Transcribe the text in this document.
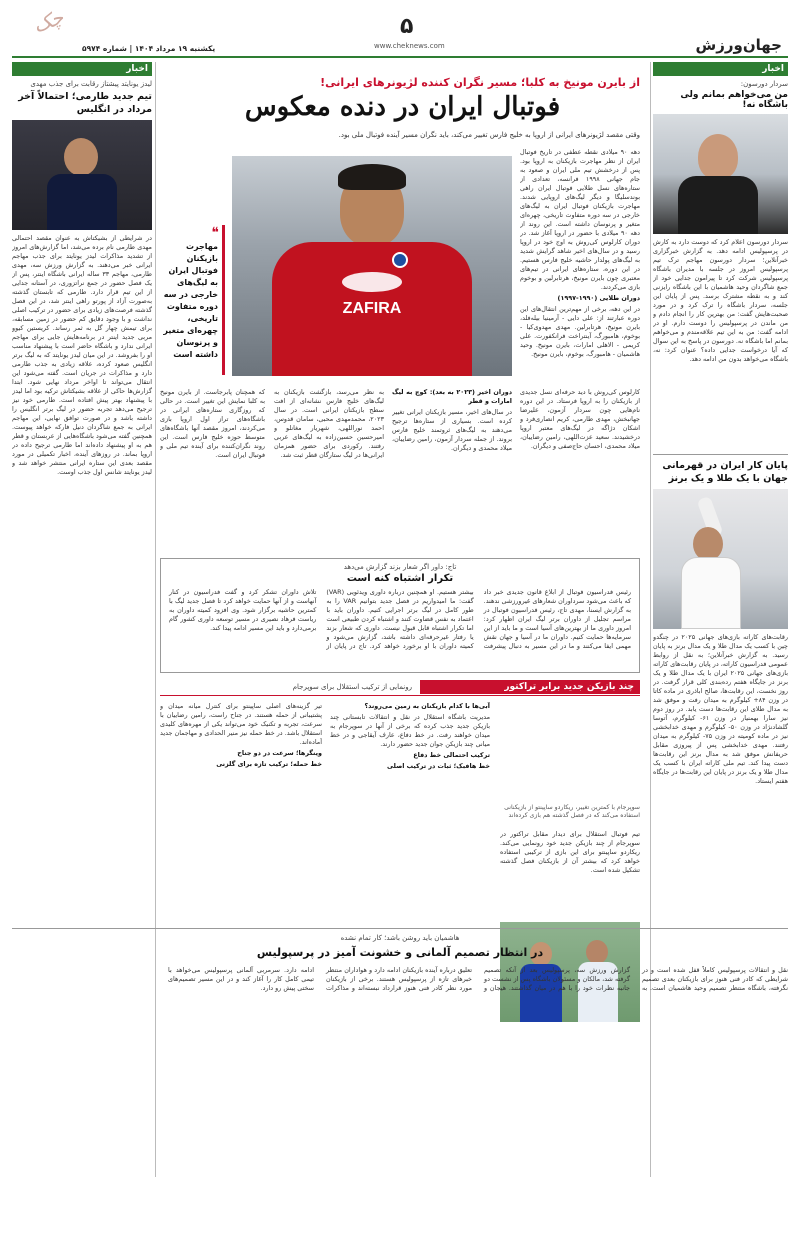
جهان‌ورزش
۵
www.cheknews.com
یکشنبه ۱۹ مرداد ۱۴۰۴ | شماره ۵۹۷۴
چک
اخبار
سردار دورسون:
من می‌خواهم بمانم ولی باشگاه نه!
سردار دورسون اعلام کرد که دوست دارد به کارش در پرسپولیس ادامه دهد. به گزارش خبرگزاری خبرآنلاین؛ سردار دورسون مهاجم ترک تیم پرسپولیس امروز در جلسه با مدیران باشگاه پرسپولیس شرکت کرد تا پیرامون جدایی خود از جمع شاگردان وحید هاشمیان با این باشگاه رایزنی کند و به نقطه مشترک برسد. پس از پایان این جلسه، سردار باشگاه را ترک کرد و در مورد صحبت‌هایش گفت: من بهترین کار را انجام دادم و من ماندن در پرسپولیس را دوست دارم. او در ادامه گفت: من به این تیم علاقه‌مندم و می‌خواهم بمانم اما باشگاه نه. دورسون در پاسخ به این سوال که آیا درخواست جدایی داده؟ عنوان کرد: نه، باشگاه می‌خواهد بدون من ادامه دهد.
پایان کار ایران در قهرمانی جهان با یک طلا و یک برنز
رقابت‌های کاراته بازی‌های جهانی ۲۰۲۵ در چنگدو چین با کسب یک مدال طلا و یک مدال برنز به پایان رسید. به گزارش خبرآنلاین؛ به نقل از روابط عمومی فدراسیون کاراته، در پایان رقابت‌های کاراته بازی‌های جهانی ۲۰۲۵ ایران با یک مدال طلا و یک برنز در جایگاه هفتم رده‌بندی کلی قرار گرفت. در روز نخست، این رقابت‌ها، صالح اباذری در ماده کاتا در وزن ۸۴+ کیلوگرم به میدان رفت و موفق شد به مدال طلای این رقابت‌ها دست یابد. در روز دوم نیز سارا بهمنیار در وزن ۶۱- کیلوگرم، آتوسا گلشادنژاد در وزن ۵۰- کیلوگرم و مهدی خدابخشی نیز در ماده کومیته در وزن ۷۵- کیلوگرم به میدان رفتند. مهدی خدابخشی پس از پیروزی مقابل حریفانش موفق شد به مدال برنز این رقابت‌ها دست پیدا کند. تیم ملی کاراته ایران با کسب یک مدال طلا و یک برنز در پایان این رقابت‌ها در جایگاه هفتم ایستاد.
اخبار
لیدز یونایتد پیشتاز رقابت برای جذب مهدی
تیم جدید طارمی؛ احتمالاً آخر مرداد در انگلیس
در شرایطی از بشیکتاش به عنوان مقصد احتمالی مهدی طارمی نام برده می‌شد، اما گزارش‌های امروز از تشدید مذاکرات لیدز یونایتد برای جذب مهاجم ایرانی خبر می‌دهند. به گزارش ورزش سه، مهدی طارمی، مهاجم ۳۳ ساله ایرانی باشگاه اینتر، پس از یک فصل حضور در جمع نراتزوری، در آستانه جدایی از این تیم قرار دارد. طارمی که تابستان گذشته به‌صورت آزاد از پورتو راهی اینتر شد، در این فصل گذشته فرصت‌های زیادی برای حضور در ترکیب اصلی نداشت و با وجود دقایق کم حضور در زمین مسابقه، برای تیمش چهار گل به ثمر رساند. کریستین کیوو مربی جدید اینتر در برنامه‌هایش جایی برای مهاجم ایرانی ندارد و باشگاه حاضر است با پیشنهاد مناسب او را بفروشد. در این میان لیدز یونایتد که به لیگ برتر انگلیس صعود کرده، علاقه زیادی به جذب طارمی دارد و مذاکرات در جریان است. گفته می‌شود این انتقال می‌تواند تا اواخر مرداد نهایی شود. ابتدا گزارش‌ها حاکی از علاقه بشیکتاش ترکیه بود اما لیدز با پیشنهاد بهتر پیش افتاده است. طارمی خود نیز ترجیح می‌دهد تجربه حضور در لیگ برتر انگلیس را داشته باشد و در صورت توافق نهایی، این مهاجم ایرانی به جمع شاگردان دنیل فارکه خواهد پیوست. همچنین گفته می‌شود باشگاه‌هایی از عربستان و قطر هم به او پیشنهاد داده‌اند اما طارمی ترجیح داده در اروپا بماند. در روزهای آینده، اخبار تکمیلی در مورد مقصد بعدی این ستاره ایرانی منتشر خواهد شد و لیدز یونایتد شانس اول جذب اوست.
از بایرن مونیخ به کلبا؛ مسیر نگران کننده لژیونرهای ایرانی!
فوتبال ایران در دنده معکوس
وقتی مقصد لژیونرهای ایرانی از اروپا به خلیج فارس تغییر می‌کند، باید نگران مسیر آینده فوتبال ملی بود.

دهه ۹۰ میلادی نقطه عطفی در تاریخ فوتبال ایران از نظر مهاجرت بازیکنان به اروپا بود. پس از درخشش تیم ملی ایران و صعود به جام جهانی ۱۹۹۸ فرانسه، تعدادی از ستاره‌های نسل طلایی فوتبال ایران راهی بوندسلیگا و دیگر لیگ‌های اروپایی شدند. مهاجرت بازیکنان فوتبال ایران به لیگ‌های خارجی در سه دوره متفاوت تاریخی، چهره‌ای متغیر و پرنوسان داشته است. این روند از دهه ۹۰ میلادی با حضور در اروپا آغاز شد. در دوران کارلوس کی‌روش به اوج خود در اروپا رسید و در سال‌های اخیر شاهد گرایش شدید به لیگ‌های پولدار حاشیه خلیج فارس هستیم. در این دوره، ستاره‌های ایرانی در تیم‌های معتبری چون بایرن مونیخ، هرتابرلین و بوخوم بازی می‌کردند.

دوران طلایی (۱۹۹۰-۱۹۹۷)

در این دهه، برخی از مهم‌ترین انتقال‌های این دوره عبارتند از: علی دایی - آرمینیا بیله‌فلد، بایرن مونیخ، هرتابرلین. مهدی مهدوی‌کیا - بوخوم، هامبورگ، آینتراخت فرانکفورت. علی کریمی - الاهلی امارات، بایرن مونیخ. وحید هاشمیان - هامبورگ، بوخوم، بایرن مونیخ.

ZAFIRA
❝
مهاجرت بازیکنان فوتبال ایران به لیگ‌های خارجی در سه دوره متفاوت تاریخی، چهره‌ای متغیر و پرنوسان داشته است

کارلوس کی‌روش با دید حرفه‌ای نسل جدیدی از بازیکنان را به اروپا فرستاد. در این دوره نام‌هایی چون سردار آزمون، علیرضا جهانبخش، مهدی طارمی، کریم انصاری‌فرد و اشکان دژاگه در لیگ‌های معتبر اروپا درخشیدند. سعید عزت‌اللهی، رامین رضاییان، میلاد محمدی، احسان حاج‌صفی و دیگران.

دوران اخیر (۲۰۲۳ به بعد): کوچ به لیگ امارات و قطر

در سال‌های اخیر، مسیر بازیکنان ایرانی تغییر کرده است. بسیاری از ستاره‌ها ترجیح می‌دهند به لیگ‌های ثروتمند خلیج فارس بروند. از جمله سردار آزمون، رامین رضاییان، میلاد محمدی و دیگران.

به نظر می‌رسد، بازگشت بازیکنان به لیگ‌های خلیج فارس نشانه‌ای از افت سطح بازیکنان ایرانی است. در سال ۲۰۲۳، محمدمهدی محبی، سامان قدوس، احمد نوراللهی، شهریار مغانلو و امیرحسین حسین‌زاده به لیگ‌های عربی رفتند. رکوردی برای حضور همزمان ایرانی‌ها در لیگ ستارگان قطر ثبت شد.

که همچنان پابرجاست. از بایرن مونیخ به کلبا نمایش این تغییر است. در حالی که روزگاری ستاره‌های ایرانی در باشگاه‌های تراز اول اروپا بازی می‌کردند، امروز مقصد آنها باشگاه‌های متوسط حوزه خلیج فارس است. این روند نگران‌کننده برای آینده تیم ملی و فوتبال ایران است.

تاج: داور اگر شعار بزند گزارش می‌دهد
تکرار اشتباه کنه است
رئیس فدراسیون فوتبال از ابلاغ قانون جدیدی خبر داد که باعث می‌شود سرداوران شعارهای غیرورزشی ندهند. به گزارش ایسنا، مهدی تاج، رئیس فدراسیون فوتبال در مراسم تجلیل از داوران برتر لیگ ایران اظهار کرد: امروز داوری ما از بهترین‌های آسیا است و ما باید از این سرمایه‌ها حمایت کنیم. داوران ما در آسیا و جهان نقش مهمی ایفا می‌کنند و ما در این مسیر به دنبال پیشرفت بیشتر هستیم. او همچنین درباره داوری ویدئویی (VAR) گفت: ما امیدواریم در فصل جدید بتوانیم VAR را به طور کامل در لیگ برتر اجرایی کنیم. داوران باید با اعتماد به نفس قضاوت کنند و اشتباه کردن طبیعی است اما تکرار اشتباه قابل قبول نیست. داوری که شعار بزند یا رفتار غیرحرفه‌ای داشته باشد، گزارش می‌شود و کمیته داوران با او برخورد خواهد کرد. تاج در پایان از تلاش داوران تشکر کرد و گفت فدراسیون در کنار آنهاست و از آنها حمایت خواهد کرد تا فصل جدید لیگ با کمترین حاشیه برگزار شود. وی افزود کمیته داوران به ریاست فرهاد نصیری در مسیر توسعه داوری کشور گام برمی‌دارد و باید این مسیر ادامه پیدا کند.
چند بازیکن جدید برابر تراکتور
رونمایی از ترکیب استقلال برای سوپرجام
سوپرجام با کمترین تغییر، ریکاردو ساپینتو از بازیکنانی استفاده می‌کند که در فصل گذشته هم بازی کرده‌اند
تیم فوتبال استقلال برای دیدار مقابل تراکتور در سوپرجام از چند بازیکن جدید خود رونمایی می‌کند. ریکاردو ساپینتو برای این بازی از ترکیبی استفاده خواهد کرد که بیشتر آن از بازیکنان فصل گذشته تشکیل شده است.

آبی‌ها با کدام بازیکنان به زمین می‌روند؟

مدیریت باشگاه استقلال در نقل و انتقالات تابستانی چند بازیکن جدید جذب کرده که برخی از آنها در سوپرجام به میدان خواهند رفت. در خط دفاع، عارف آیقاجی و در خط میانی چند بازیکن جوان جدید حضور دارند.

ترکیب احتمالی خط دفاع

خط هافبک؛ ثبات در ترکیب اصلی

تیر گزینه‌های اصلی ساپینتو برای کنترل میانه میدان و پشتیبانی از حمله هستند. در جناح راست، رامین رضاییان با سرعت، تجربه و تکنیک خود می‌تواند یکی از مهره‌های کلیدی استقلال باشد. در خط حمله نیز منیر الحدادی و مهاجمان جدید آماده‌اند.

وینگرها؛ سرعت در دو جناح

خط حمله؛ ترکیب تازه برای گلزنی

هاشمیان باید روشن باشد؛ کار تمام نشده
در انتظار تصمیم آلمانی و خشونت آمیز در پرسپولیس
نقل و انتقالات پرسپولیس کاملاً قفل شده است و در شرایطی که کادر فنی هنوز برای بازیکنان بعدی تصمیم نگرفته، باشگاه منتظر تصمیم وحید هاشمیان است. به گزارش ورزش سه، پرسپولیس بعد از آنکه تصمیم گرفته شد، مالکان و مسئولان باشگاه پس از نشست دو جانبه نظرات خود را با هم در میان گذاشتند. هیجان و تعلیق درباره آینده بازیکنان ادامه دارد و هواداران منتظر خبرهای تازه از پرسپولیس هستند. برخی از بازیکنان مورد نظر کادر فنی هنوز قرارداد نبسته‌اند و مذاکرات ادامه دارد. سرمربی آلمانی پرسپولیس می‌خواهد با تیمی کامل کار را آغاز کند و در این مسیر تصمیم‌های سختی پیش رو دارد.
